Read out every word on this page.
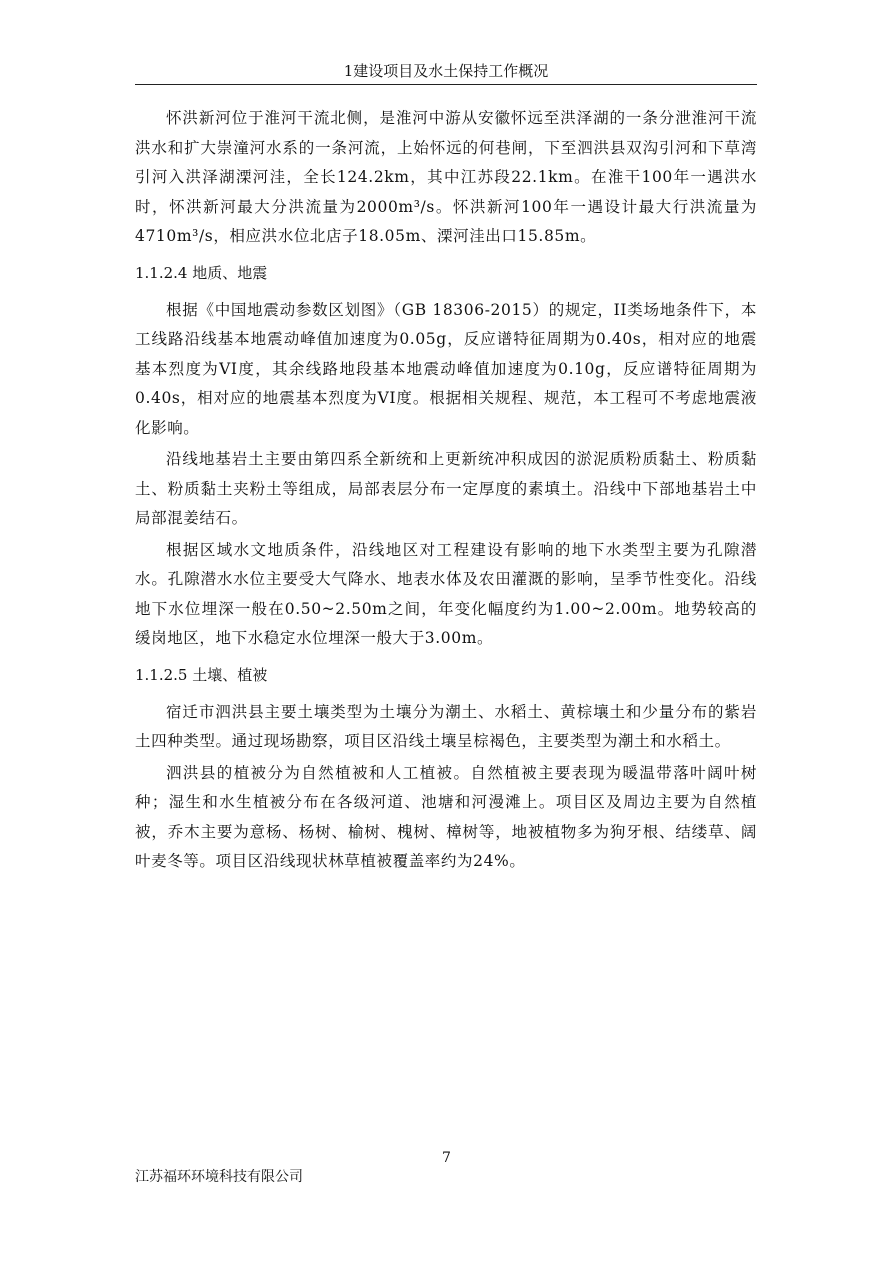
1建设项目及水土保持工作概况

怀洪新河位于淮河干流北侧，是淮河中游从安徽怀远至洪泽湖的一条分泄淮河干流洪水和扩大崇潼河水系的一条河流，上始怀远的何巷闸，下至泗洪县双沟引河和下草湾引河入洪泽湖溧河洼，全长124.2km，其中江苏段22.1km。在淮干100年一遇洪水时，怀洪新河最大分洪流量为2000m³/s。怀洪新河100年一遇设计最大行洪流量为4710m³/s，相应洪水位北店子18.05m、溧河洼出口15.85m。

1.1.2.4 地质、地震

根据《中国地震动参数区划图》（GB 18306-2015）的规定，II类场地条件下，本工线路沿线基本地震动峰值加速度为0.05g，反应谱特征周期为0.40s，相对应的地震基本烈度为VI度，其余线路地段基本地震动峰值加速度为0.10g，反应谱特征周期为0.40s，相对应的地震基本烈度为VI度。根据相关规程、规范，本工程可不考虑地震液化影响。

沿线地基岩土主要由第四系全新统和上更新统冲积成因的淤泥质粉质黏土、粉质黏土、粉质黏土夹粉土等组成，局部表层分布一定厚度的素填土。沿线中下部地基岩土中局部混姜结石。

根据区域水文地质条件，沿线地区对工程建设有影响的地下水类型主要为孔隙潜水。孔隙潜水水位主要受大气降水、地表水体及农田灌溉的影响，呈季节性变化。沿线地下水位埋深一般在0.50~2.50m之间，年变化幅度约为1.00~2.00m。地势较高的缓岗地区，地下水稳定水位埋深一般大于3.00m。

1.1.2.5 土壤、植被

宿迁市泗洪县主要土壤类型为土壤分为潮土、水稻土、黄棕壤土和少量分布的紫岩土四种类型。通过现场勘察，项目区沿线土壤呈棕褐色，主要类型为潮土和水稻土。

泗洪县的植被分为自然植被和人工植被。自然植被主要表现为暖温带落叶阔叶树种；湿生和水生植被分布在各级河道、池塘和河漫滩上。项目区及周边主要为自然植被，乔木主要为意杨、杨树、榆树、槐树、樟树等，地被植物多为狗牙根、结缕草、阔叶麦冬等。项目区沿线现状林草植被覆盖率约为24%。

7
江苏福环环境科技有限公司
